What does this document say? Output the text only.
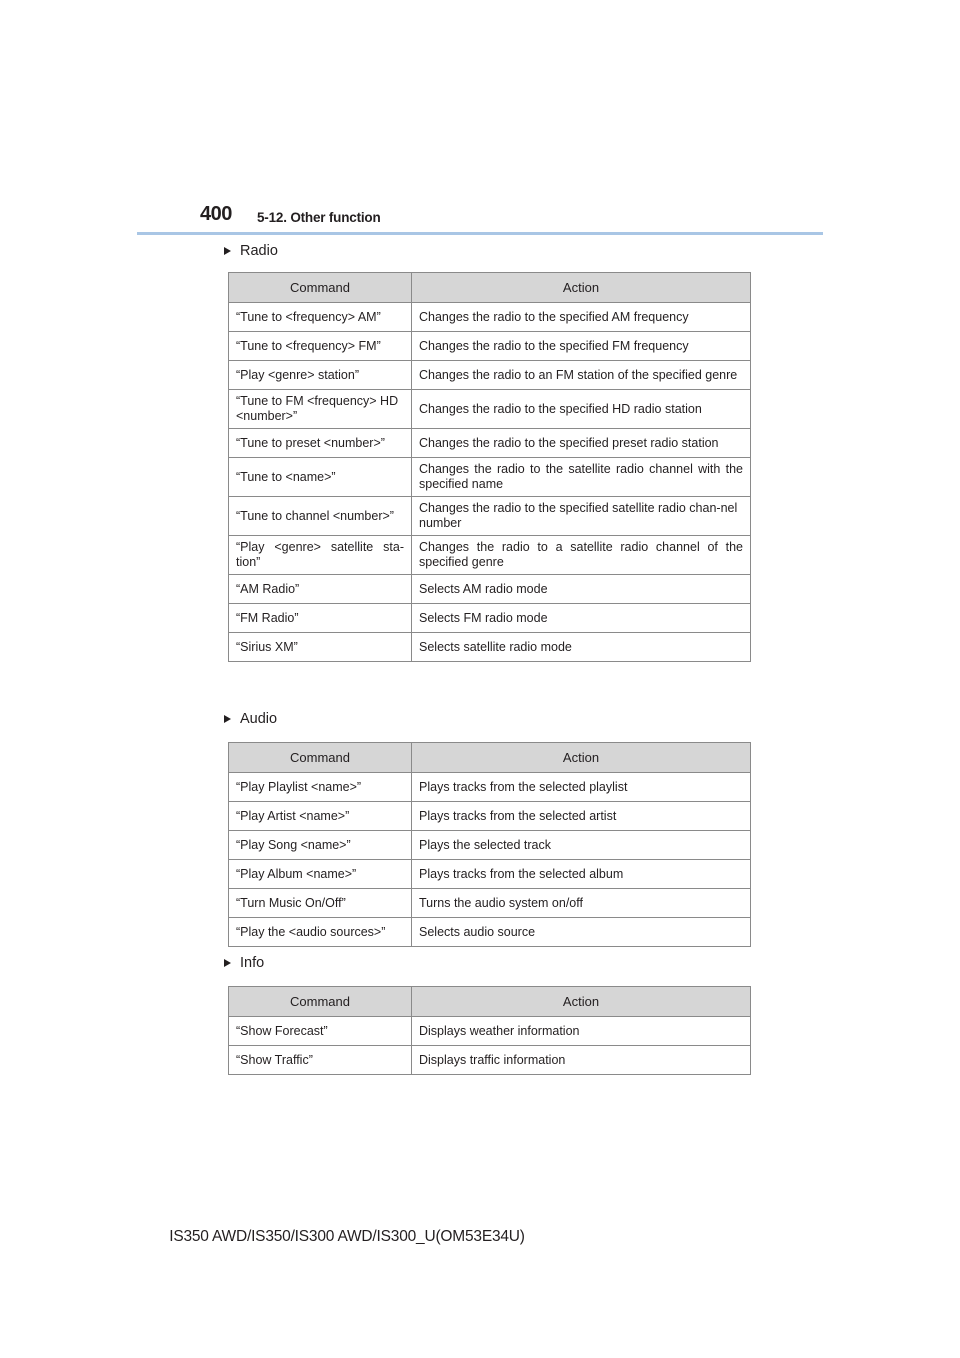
400 5-12. Other function
Radio
Command	Action
“Tune to <frequency> AM”	Changes the radio to the specified AM frequency
“Tune to <frequency> FM”	Changes the radio to the specified FM frequency
“Play <genre> station”	Changes the radio to an FM station of the specified genre
“Tune to FM <frequency> HD <number>”	Changes the radio to the specified HD radio station
“Tune to preset <number>”	Changes the radio to the specified preset radio station
“Tune to <name>”	Changes the radio to the satellite radio channel with the specified name
“Tune to channel <number>”	Changes the radio to the specified satellite radio chan-nel number
“Play <genre> satellite sta-tion”	Changes the radio to a satellite radio channel of the specified genre
“AM Radio”	Selects AM radio mode
“FM Radio”	Selects FM radio mode
“Sirius XM”	Selects satellite radio mode
Audio
Command	Action
“Play Playlist <name>”	Plays tracks from the selected playlist
“Play Artist <name>”	Plays tracks from the selected artist
“Play Song <name>”	Plays the selected track
“Play Album <name>”	Plays tracks from the selected album
“Turn Music On/Off”	Turns the audio system on/off
“Play the <audio sources>”	Selects audio source
Info
Command	Action
“Show Forecast”	Displays weather information
“Show Traffic”	Displays traffic information
IS350 AWD/IS350/IS300 AWD/IS300_U(OM53E34U)
